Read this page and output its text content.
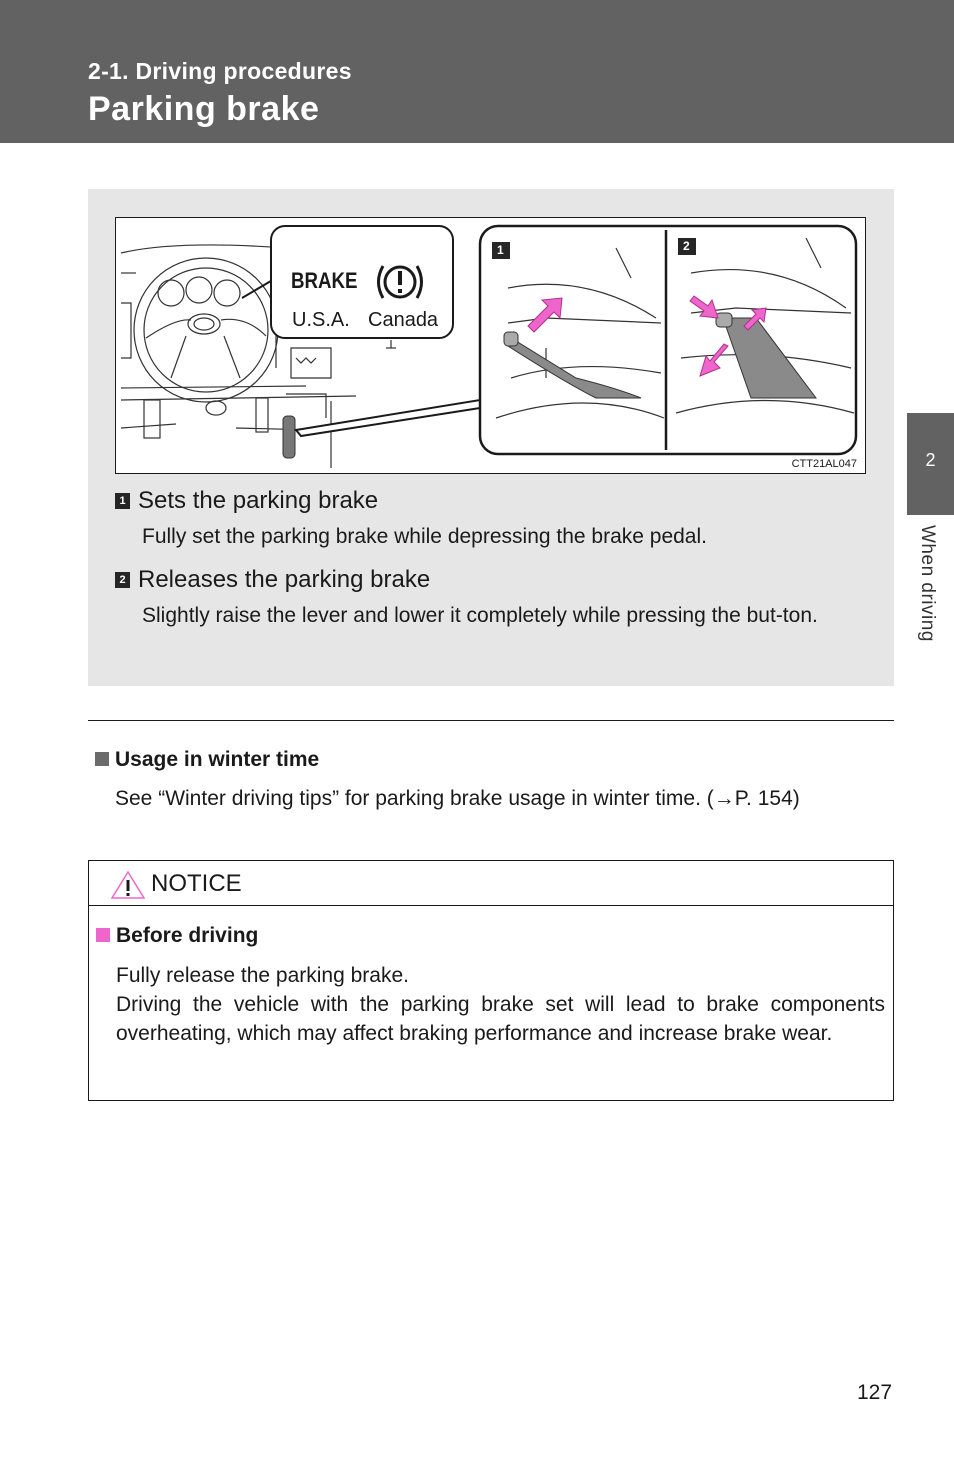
2-1. Driving procedures
Parking brake
2
When driving
BRAKE
U.S.A. Canada
1	2
CTT21AL047
1 Sets the parking brake
Fully set the parking brake while depressing the brake pedal.
2 Releases the parking brake
Slightly raise the lever and lower it completely while pressing the but-ton.
Usage in winter time
See “Winter driving tips” for parking brake usage in winter time. (→P. 154)
NOTICE
Before driving

Fully release the parking brake.

Driving the vehicle with the parking brake set will lead to brake components overheating, which may affect braking performance and increase brake wear.

127
